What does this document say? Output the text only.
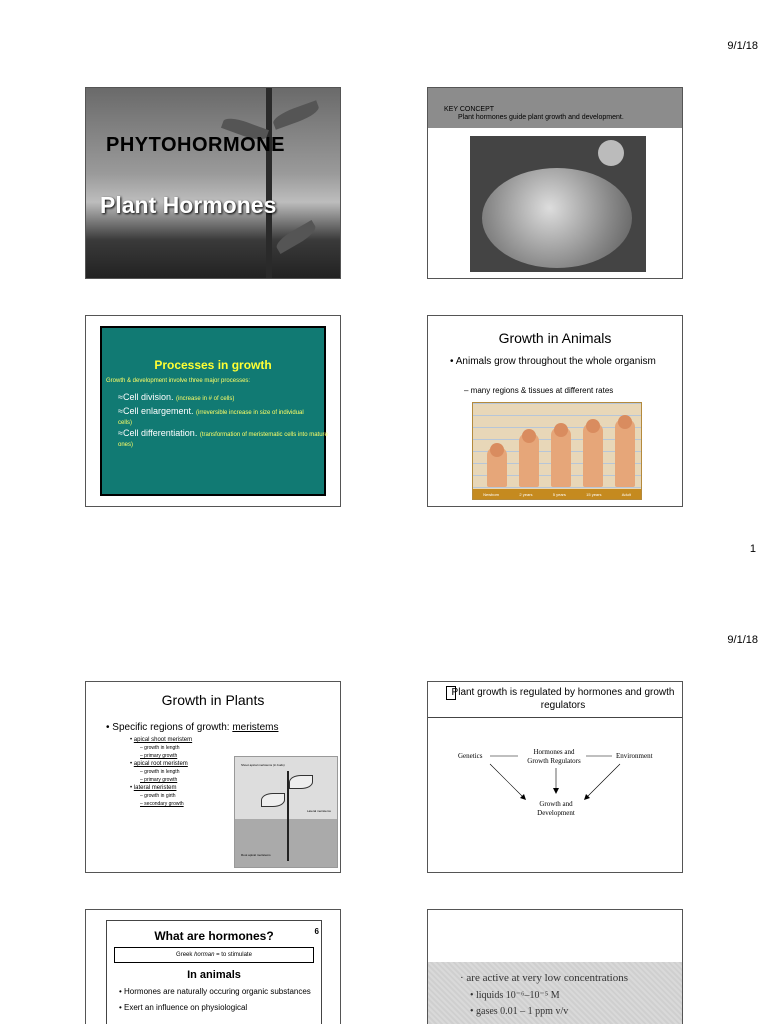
9/1/18
1
9/1/18
PHYTOHORMONE
Plant Hormones
KEY CONCEPT
Plant hormones guide plant growth and development.
Processes in growth
Growth & development involve three major processes:
≈Cell division. (increase in # of cells)
≈Cell enlargement. (irreversible increase in size of individual cells)
≈Cell differentiation. (transformation of meristematic cells into mature ones)
Growth in Animals
• Animals grow throughout the whole organism
– many regions & tissues at different rates
Newborn	2 years	5 years	15 years	Adult
Growth in Plants
• Specific regions of growth: meristems
• apical shoot meristem
– growth in length
– primary growth
• apical root meristem
– growth in length
– primary growth
• lateral meristem
– growth in girth
– secondary growth
Shoot apical meristems (in buds)
Lateral meristems
Root apical meristems
Plant growth is regulated by hormones and growth regulators
Genetics	Hormones and
Growth Regulators
Environment
Growth and
Development
6
What are hormones?
Greek horman = to stimulate
In animals
• Hormones are naturally occuring organic substances
• Exert an influence on physiological
· are active at very low concentrations
• liquids 10⁻⁶–10⁻⁵ M
• gases 0.01 – 1 ppm v/v
